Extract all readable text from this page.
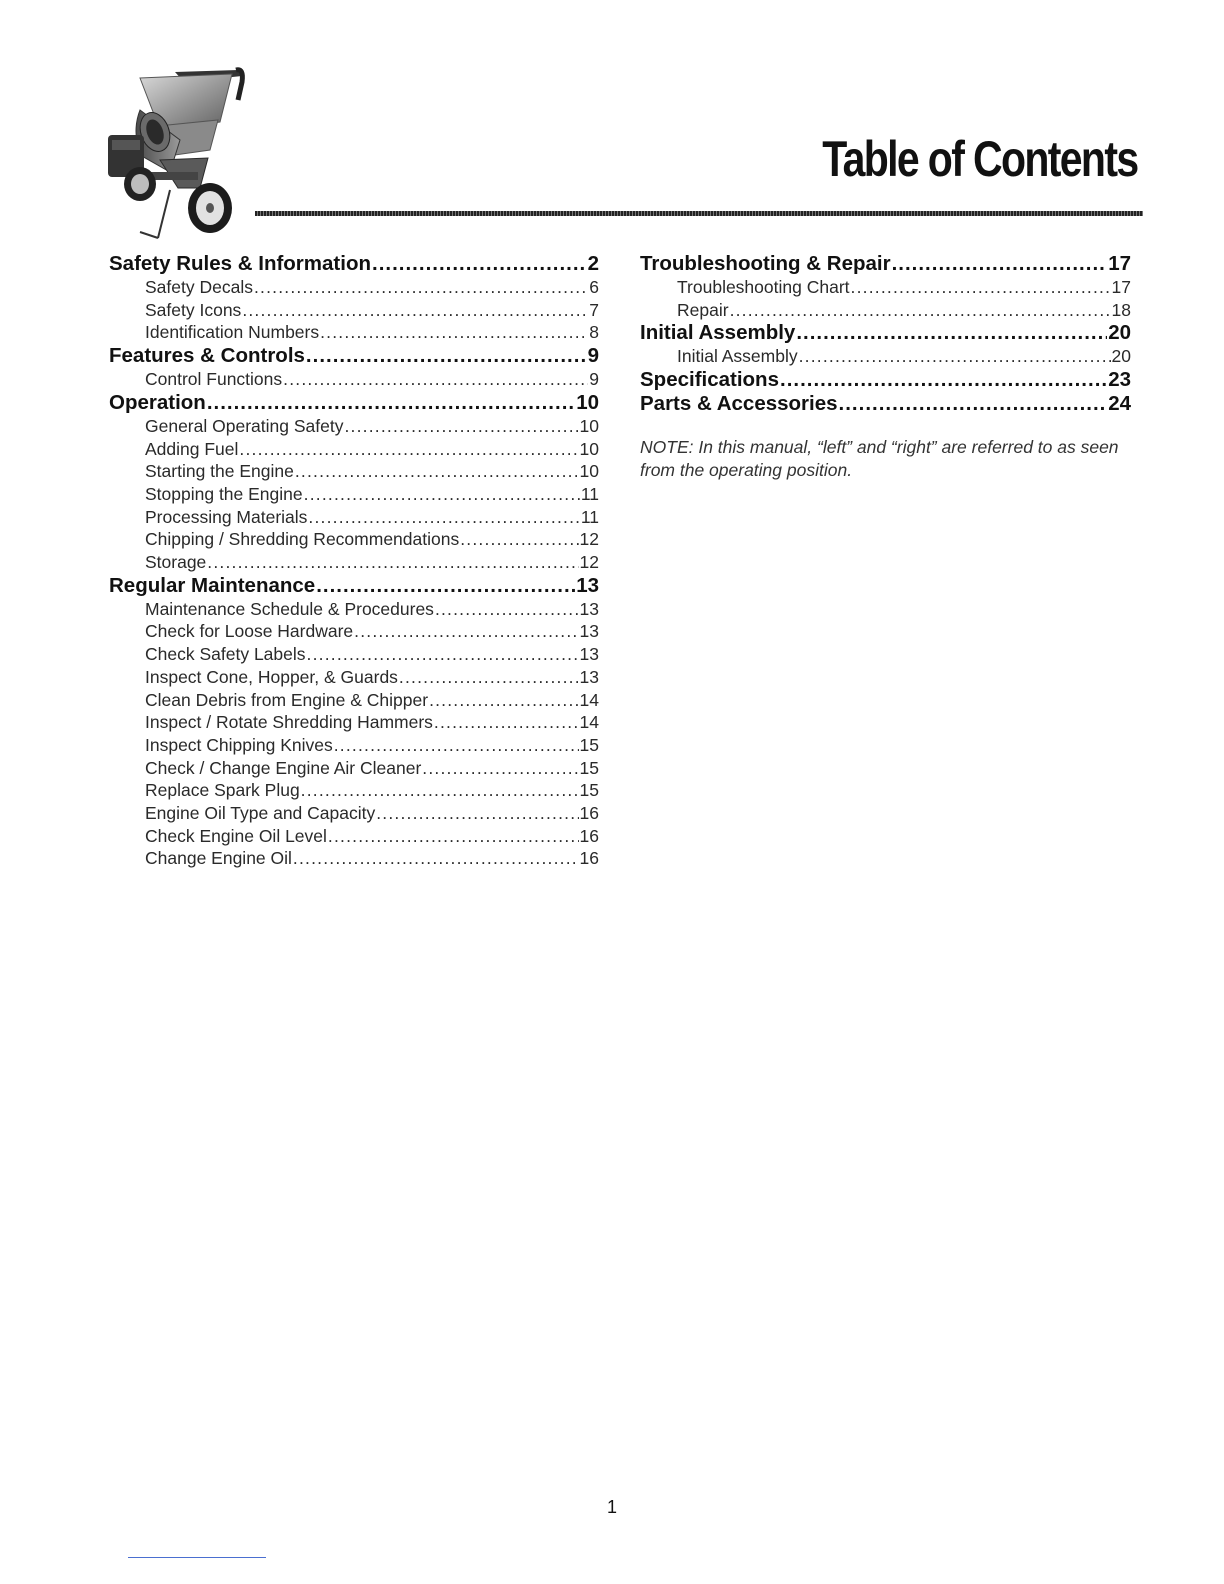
Table of Contents
Safety Rules & Information .....	2
Safety Decals .....	6
Safety Icons .....	7
Identification Numbers .....	8
Features & Controls .....	9
Control Functions .....	9
Operation .....	10
General Operating Safety .....	10
Adding Fuel .....	10
Starting the Engine .....	10
Stopping the Engine .....	11
Processing Materials .....	11
Chipping / Shredding Recommendations .....	12
Storage .....	12
Regular Maintenance .....	13
Maintenance Schedule & Procedures .....	13
Check for Loose Hardware .....	13
Check Safety Labels .....	13
Inspect Cone, Hopper, & Guards .....	13
Clean Debris from Engine & Chipper .....	14
Inspect / Rotate Shredding Hammers .....	14
Inspect Chipping Knives .....	15
Check / Change Engine Air Cleaner .....	15
Replace Spark Plug .....	15
Engine Oil Type and Capacity .....	16
Check Engine Oil Level .....	16
Change Engine Oil .....	16
Troubleshooting & Repair .....	17
Troubleshooting Chart .....	17
Repair .....	18
Initial Assembly .....	20
Initial Assembly .....	20
Specifications .....	23
Parts & Accessories .....	24

NOTE: In this manual, “left” and “right” are referred to as seen from the operating position.

1
